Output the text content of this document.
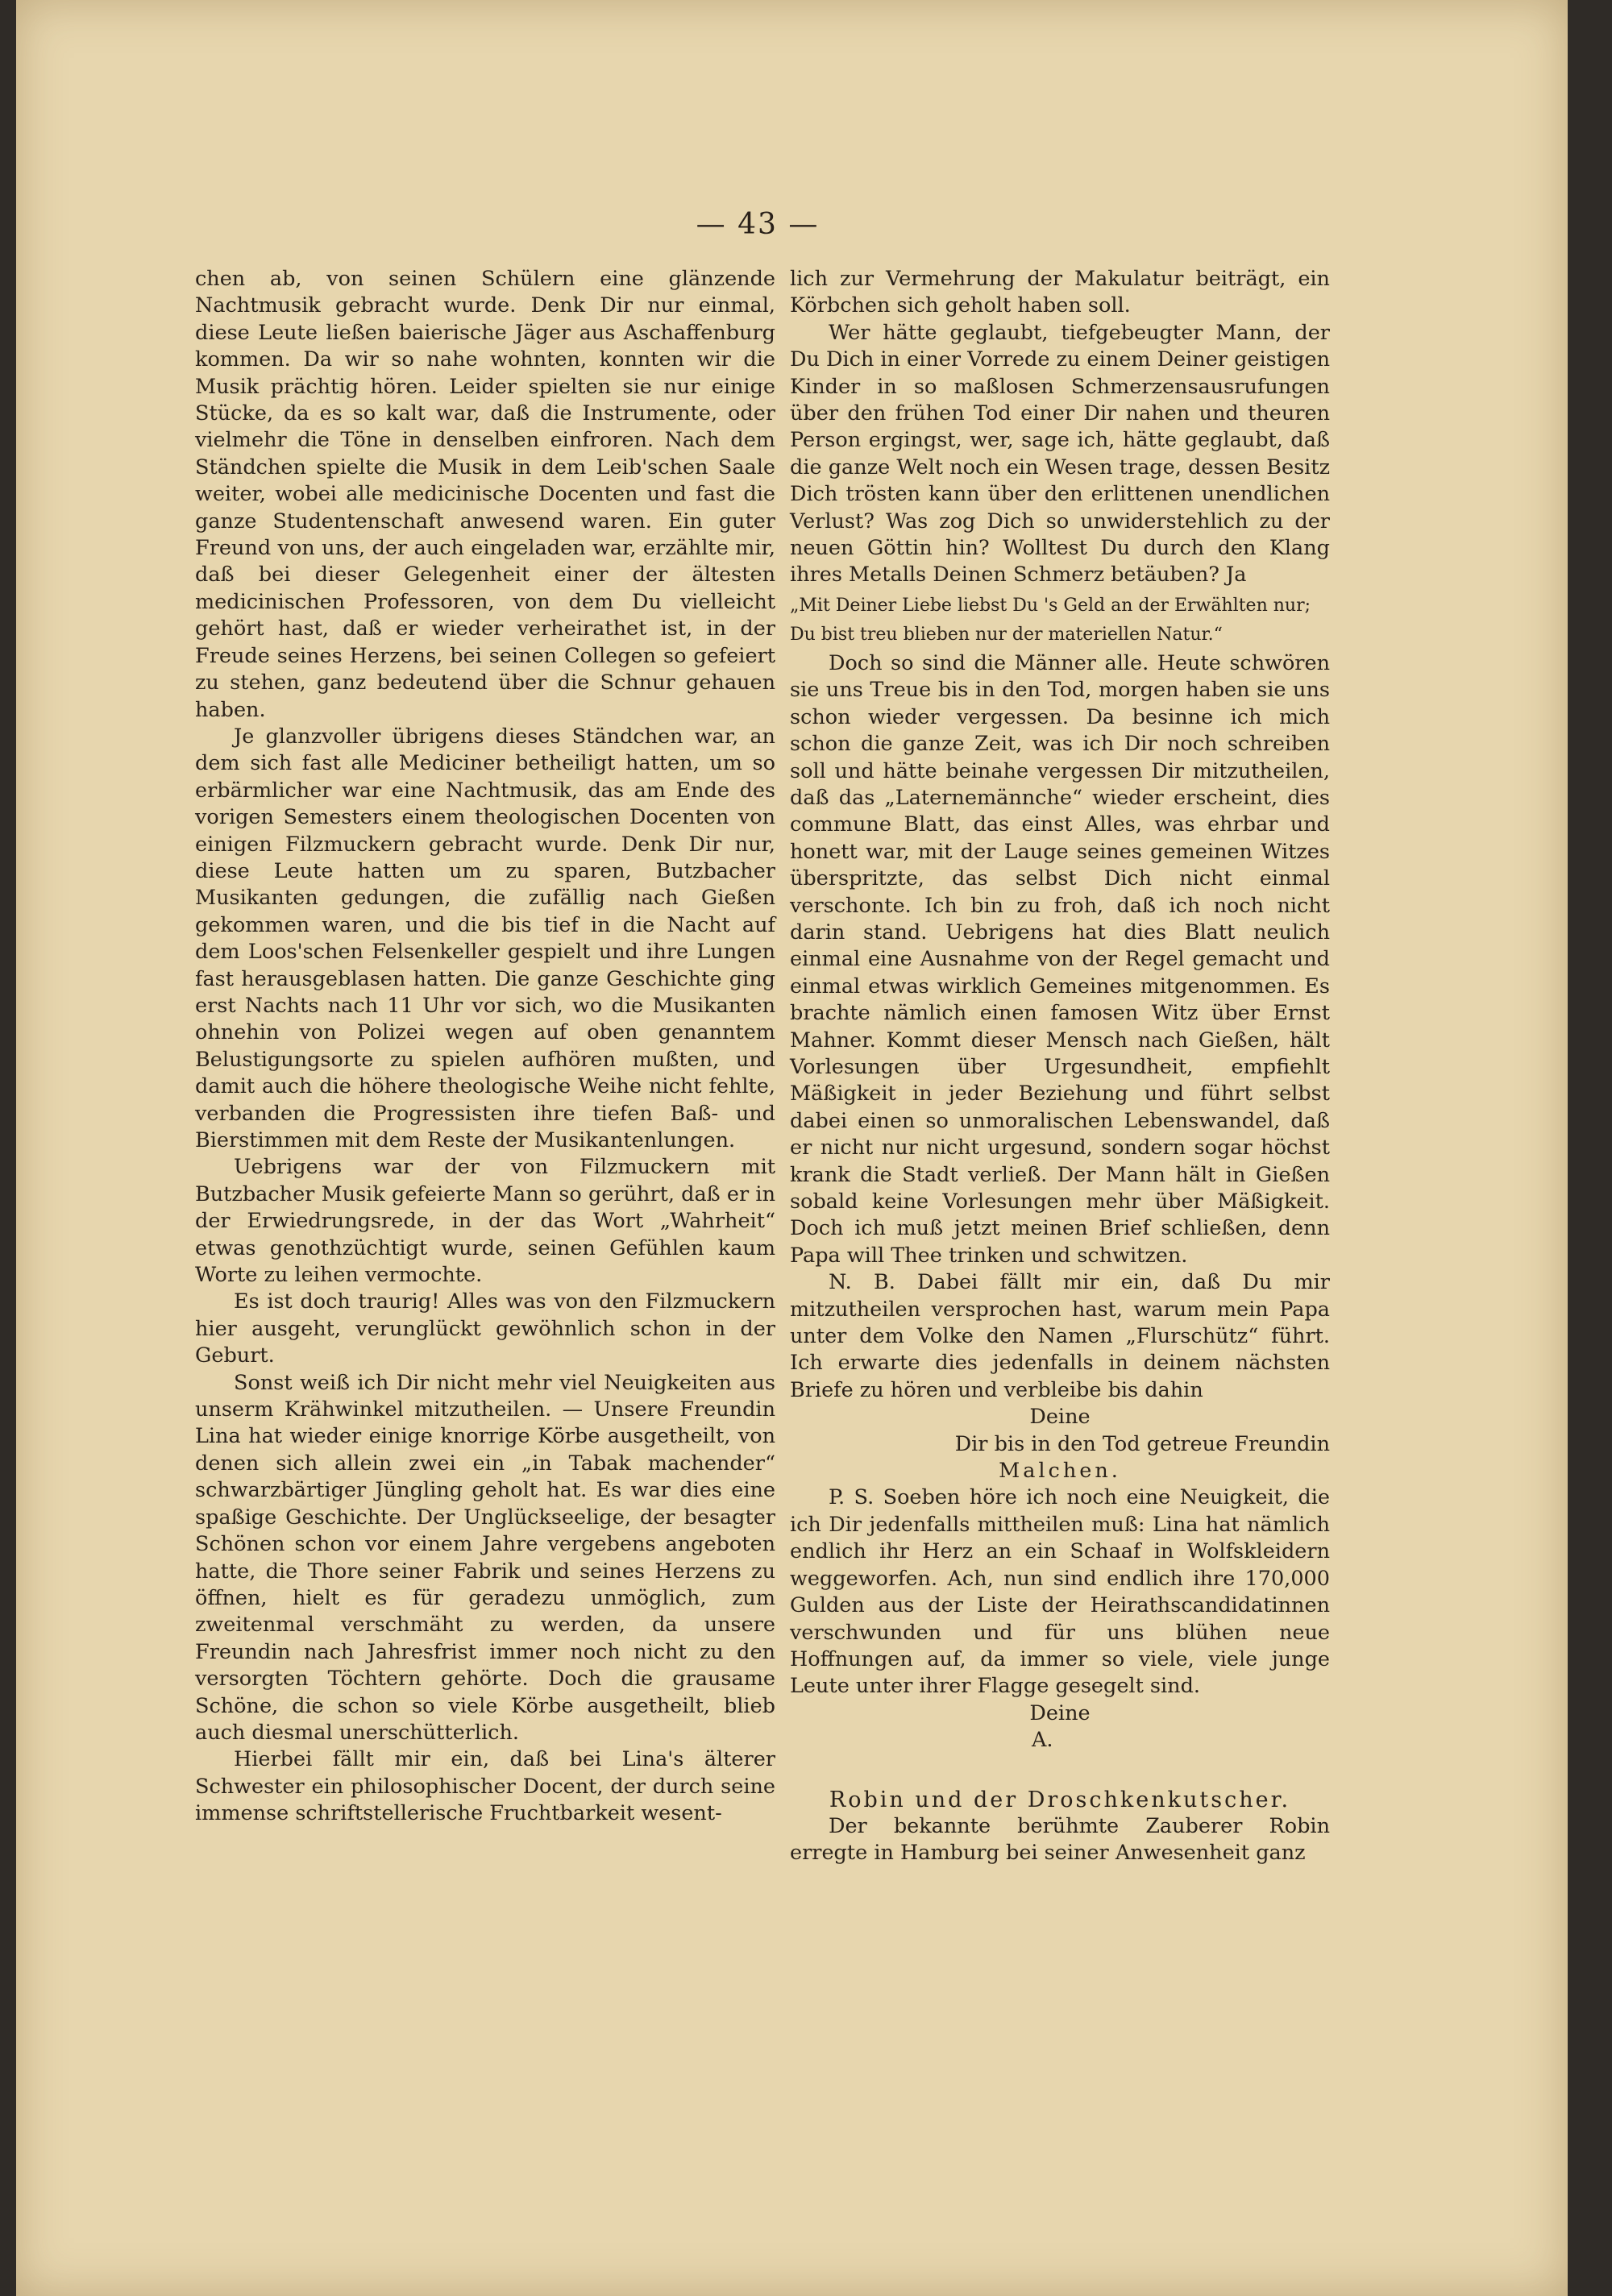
— 43 —

chen ab, von seinen Schülern eine glänzende Nachtmusik gebracht wurde. Denk Dir nur einmal, diese Leute ließen baierische Jäger aus Aschaffenburg kommen. Da wir so nahe wohnten, konnten wir die Musik prächtig hören. Leider spielten sie nur einige Stücke, da es so kalt war, daß die Instrumente, oder vielmehr die Töne in denselben einfroren. Nach dem Ständchen spielte die Musik in dem Leib'schen Saale weiter, wobei alle medicinische Docenten und fast die ganze Studentenschaft anwesend waren. Ein guter Freund von uns, der auch eingeladen war, erzählte mir, daß bei dieser Gelegenheit einer der ältesten medicinischen Professoren, von dem Du vielleicht gehört hast, daß er wieder verheirathet ist, in der Freude seines Herzens, bei seinen Collegen so gefeiert zu stehen, ganz bedeutend über die Schnur gehauen haben.

Je glanzvoller übrigens dieses Ständchen war, an dem sich fast alle Mediciner betheiligt hatten, um so erbärmlicher war eine Nachtmusik, das am Ende des vorigen Semesters einem theologischen Docenten von einigen Filzmuckern gebracht wurde. Denk Dir nur, diese Leute hatten um zu sparen, Butzbacher Musikanten gedungen, die zufällig nach Gießen gekommen waren, und die bis tief in die Nacht auf dem Loos'schen Felsenkeller gespielt und ihre Lungen fast herausgeblasen hatten. Die ganze Geschichte ging erst Nachts nach 11 Uhr vor sich, wo die Musikanten ohnehin von Polizei wegen auf oben genanntem Belustigungsorte zu spielen aufhören mußten, und damit auch die höhere theologische Weihe nicht fehlte, verbanden die Progressisten ihre tiefen Baß- und Bierstimmen mit dem Reste der Musikantenlungen.

Uebrigens war der von Filzmuckern mit Butzbacher Musik gefeierte Mann so gerührt, daß er in der Erwiedrungsrede, in der das Wort „Wahrheit“ etwas genothzüchtigt wurde, seinen Gefühlen kaum Worte zu leihen vermochte.

Es ist doch traurig! Alles was von den Filzmuckern hier ausgeht, verunglückt gewöhnlich schon in der Geburt.

Sonst weiß ich Dir nicht mehr viel Neuigkeiten aus unserm Krähwinkel mitzutheilen. — Unsere Freundin Lina hat wieder einige knorrige Körbe ausgetheilt, von denen sich allein zwei ein „in Tabak machender“ schwarzbärtiger Jüngling geholt hat. Es war dies eine spaßige Geschichte. Der Unglückseelige, der besagter Schönen schon vor einem Jahre vergebens angeboten hatte, die Thore seiner Fabrik und seines Herzens zu öffnen, hielt es für geradezu unmöglich, zum zweitenmal verschmäht zu werden, da unsere Freundin nach Jahresfrist immer noch nicht zu den versorgten Töchtern gehörte. Doch die grausame Schöne, die schon so viele Körbe ausgetheilt, blieb auch diesmal unerschütterlich.

Hierbei fällt mir ein, daß bei Lina's älterer Schwester ein philosophischer Docent, der durch seine immense schriftstellerische Fruchtbarkeit wesent-

lich zur Vermehrung der Makulatur beiträgt, ein Körbchen sich geholt haben soll.

Wer hätte geglaubt, tiefgebeugter Mann, der Du Dich in einer Vorrede zu einem Deiner geistigen Kinder in so maßlosen Schmerzensausrufungen über den frühen Tod einer Dir nahen und theuren Person ergingst, wer, sage ich, hätte geglaubt, daß die ganze Welt noch ein Wesen trage, dessen Besitz Dich trösten kann über den erlittenen unendlichen Verlust? Was zog Dich so unwiderstehlich zu der neuen Göttin hin? Wolltest Du durch den Klang ihres Metalls Deinen Schmerz betäuben? Ja

„Mit Deiner Liebe liebst Du 's Geld an der Erwählten nur;

Du bist treu blieben nur der materiellen Natur.“

Doch so sind die Männer alle. Heute schwören sie uns Treue bis in den Tod, morgen haben sie uns schon wieder vergessen. Da besinne ich mich schon die ganze Zeit, was ich Dir noch schreiben soll und hätte beinahe vergessen Dir mitzutheilen, daß das „Laternemännche“ wieder erscheint, dies commune Blatt, das einst Alles, was ehrbar und honett war, mit der Lauge seines gemeinen Witzes überspritzte, das selbst Dich nicht einmal verschonte. Ich bin zu froh, daß ich noch nicht darin stand. Uebrigens hat dies Blatt neulich einmal eine Ausnahme von der Regel gemacht und einmal etwas wirklich Gemeines mitgenommen. Es brachte nämlich einen famosen Witz über Ernst Mahner. Kommt dieser Mensch nach Gießen, hält Vorlesungen über Urgesundheit, empfiehlt Mäßigkeit in jeder Beziehung und führt selbst dabei einen so unmoralischen Lebenswandel, daß er nicht nur nicht urgesund, sondern sogar höchst krank die Stadt verließ. Der Mann hält in Gießen sobald keine Vorlesungen mehr über Mäßigkeit. Doch ich muß jetzt meinen Brief schließen, denn Papa will Thee trinken und schwitzen.

N. B. Dabei fällt mir ein, daß Du mir mitzutheilen versprochen hast, warum mein Papa unter dem Volke den Namen „Flurschütz“ führt. Ich erwarte dies jedenfalls in deinem nächsten Briefe zu hören und verbleibe bis dahin

Deine

Dir bis in den Tod getreue Freundin

Malchen.

P. S. Soeben höre ich noch eine Neuigkeit, die ich Dir jedenfalls mittheilen muß: Lina hat nämlich endlich ihr Herz an ein Schaaf in Wolfskleidern weggeworfen. Ach, nun sind endlich ihre 170,000 Gulden aus der Liste der Heirathscandidatinnen verschwunden und für uns blühen neue Hoffnungen auf, da immer so viele, viele junge Leute unter ihrer Flagge gesegelt sind.

Deine

A.

Robin und der Droschkenkutscher.

Der bekannte berühmte Zauberer Robin erregte in Hamburg bei seiner Anwesenheit ganz
